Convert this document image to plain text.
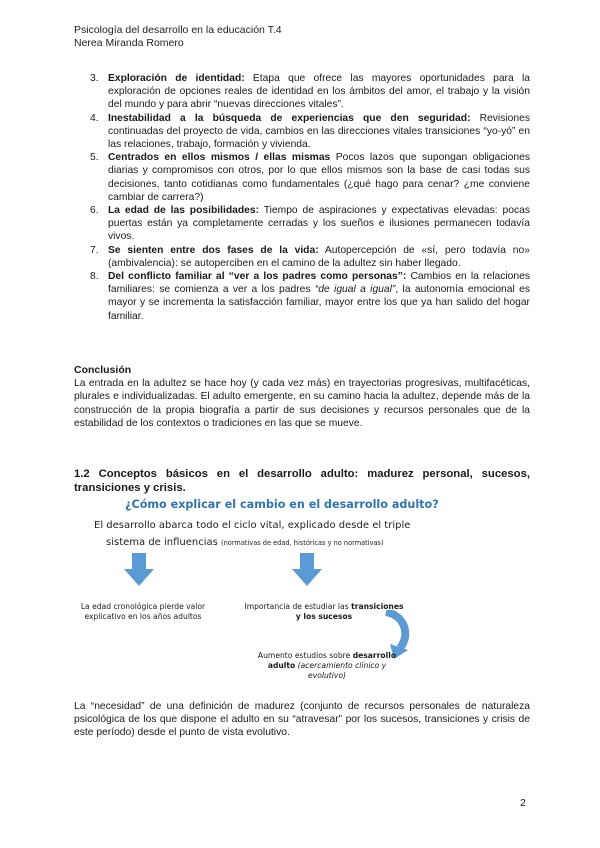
Psicología del desarrollo en la educación T.4
Nerea Miranda Romero
3. Exploración de identidad: Etapa que ofrece las mayores oportunidades para la exploración de opciones reales de identidad en los ámbitos del amor, el trabajo y la visión del mundo y para abrir “nuevas direcciones vitales”.
4. Inestabilidad a la búsqueda de experiencias que den seguridad: Revisiones continuadas del proyecto de vida, cambios en las direcciones vitales transiciones “yo-yó” en las relaciones, trabajo, formación y vivienda.
5. Centrados en ellos mismos / ellas mismas Pocos lazos que supongan obligaciones diarias y compromisos con otros, por lo que ellos mismos son la base de casi todas sus decisiones, tanto cotidianas como fundamentales (¿qué hago para cenar? ¿me conviene cambiar de carrera?)
6. La edad de las posibilidades: Tiempo de aspiraciones y expectativas elevadas: pocas puertas están ya completamente cerradas y los sueños e ilusiones permanecen todavía vivos.
7. Se sienten entre dos fases de la vida: Autopercepción de «sí, pero todavía no» (ambivalencia): se autoperciben en el camino de la adultez sin haber llegado.
8. Del conflicto familiar al “ver a los padres como personas”: Cambios en la relaciones familiares: se comienza a ver a los padres “de igual a igual”, la autonomía emocional es mayor y se incrementa la satisfacción familiar, mayor entre los que ya han salido del hogar familiar.
Conclusión
La entrada en la adultez se hace hoy (y cada vez más) en trayectorias progresivas, multifacéticas, plurales e individualizadas. El adulto emergente, en su camino hacia la adultez, depende más de la construcción de la propia biografía a partir de sus decisiones y recursos personales que de la estabilidad de los contextos o tradiciones en las que se mueve.
1.2 Conceptos básicos en el desarrollo adulto: madurez personal, sucesos, transiciones y crisis.
¿Cómo explicar el cambio en el desarrollo adulto?
El desarrollo abarca todo el ciclo vital, explicado desde el triple
sistema de influencias (normativas de edad, históricas y no normativas)
La edad cronológica pierde valor explicativo en los años adultos
Importancia de estudiar las transiciones y los sucesos
Aumento estudios sobre desarrollo adulto (acercamiento clínico y evolutivo)
La “necesidad” de una definición de madurez (conjunto de recursos personales de naturaleza psicológica de los que dispone el adulto en su “atravesar” por los sucesos, transiciones y crisis de este período) desde el punto de vista evolutivo.
2
